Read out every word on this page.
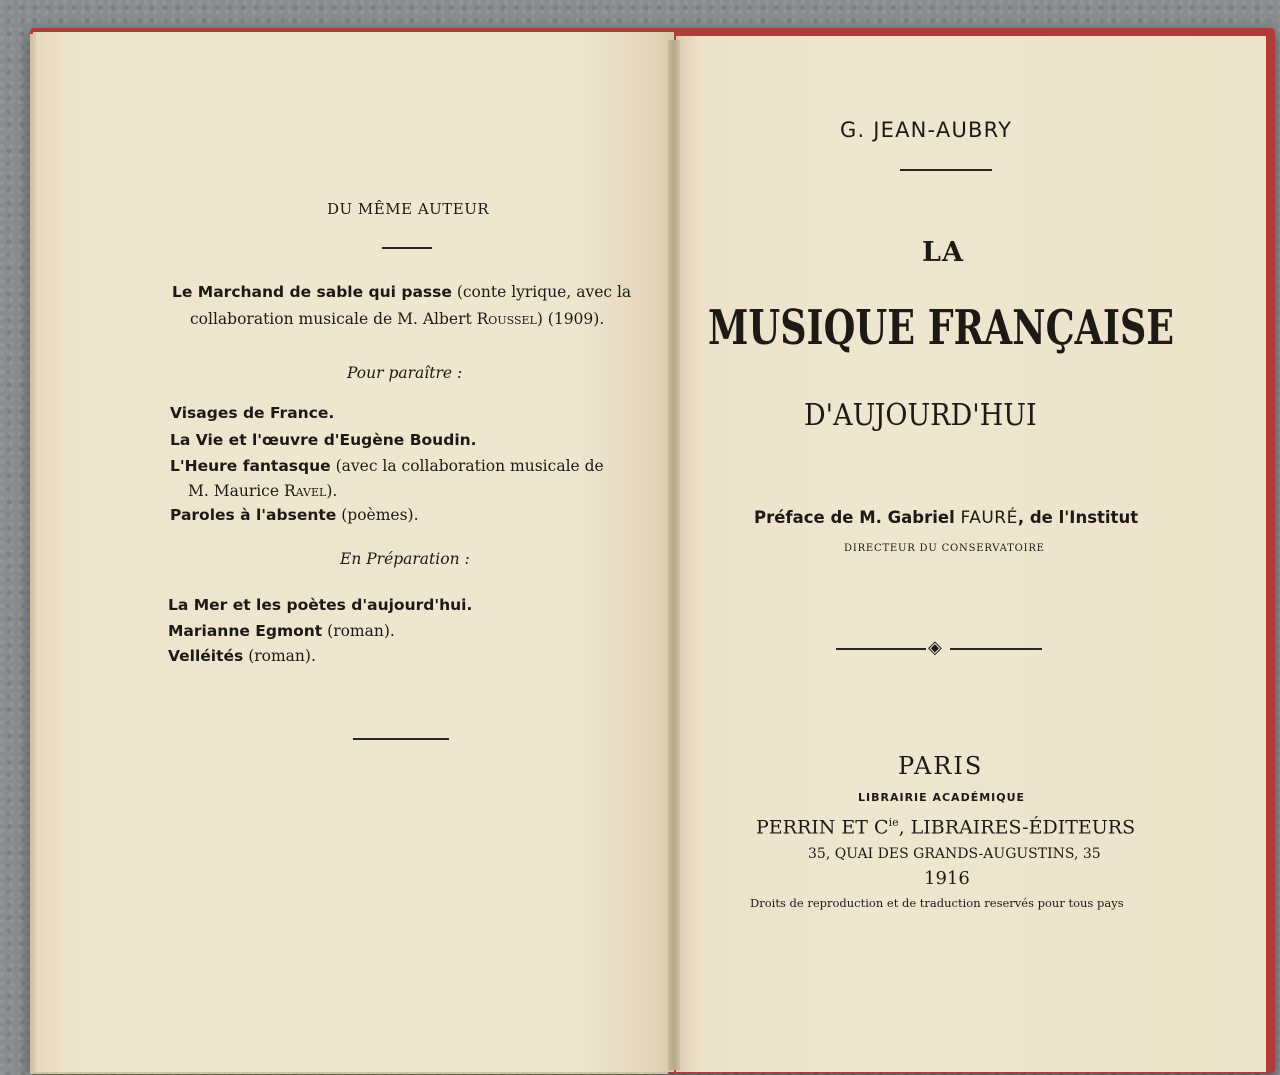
DU MÊME AUTEUR
Le Marchand de sable qui passe (conte lyrique, avec la
collaboration musicale de M. Albert Roussel) (1909).
Pour paraître :
Visages de France.
La Vie et l'œuvre d'Eugène Boudin.
L'Heure fantasque (avec la collaboration musicale de
M. Maurice Ravel).
Paroles à l'absente (poèmes).
En Préparation :
La Mer et les poètes d'aujourd'hui.
Marianne Egmont (roman).
Velléités (roman).
G. JEAN-AUBRY
LA
MUSIQUE FRANÇAISE
D'AUJOURD'HUI
Préface de M. Gabriel FAURÉ, de l'Institut
DIRECTEUR DU CONSERVATOIRE
◈
PARIS
LIBRAIRIE ACADÉMIQUE
PERRIN ET $C^{ie}$, LIBRAIRES-ÉDITEURS
35, QUAI DES GRANDS-AUGUSTINS, 35
1916
Droits de reproduction et de traduction reservés pour tous pays
